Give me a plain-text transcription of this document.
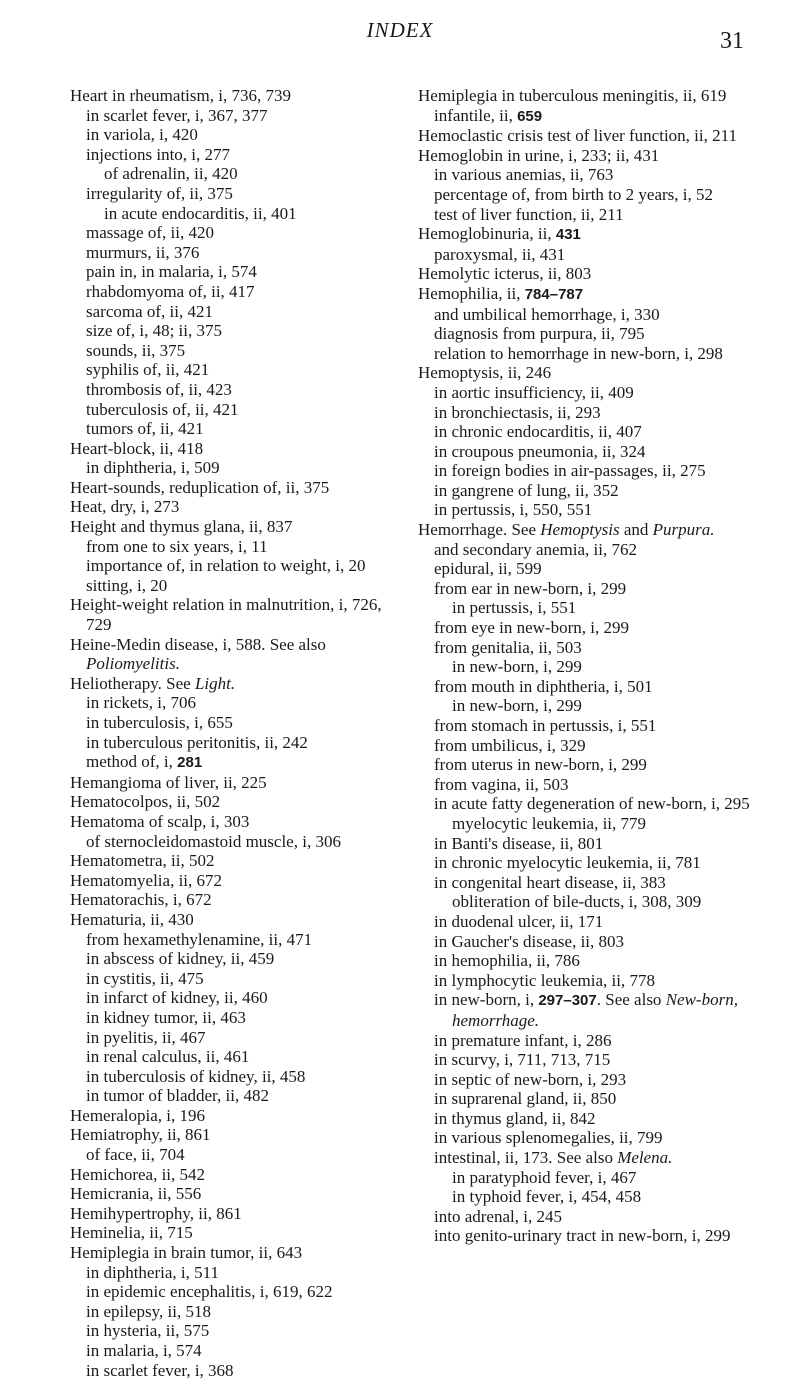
INDEX	31

Heart in rheumatism, i, 736, 739

in scarlet fever, i, 367, 377

in variola, i, 420

injections into, i, 277

of adrenalin, ii, 420

irregularity of, ii, 375

in acute endocarditis, ii, 401

massage of, ii, 420

murmurs, ii, 376

pain in, in malaria, i, 574

rhabdomyoma of, ii, 417

sarcoma of, ii, 421

size of, i, 48; ii, 375

sounds, ii, 375

syphilis of, ii, 421

thrombosis of, ii, 423

tuberculosis of, ii, 421

tumors of, ii, 421

Heart-block, ii, 418

in diphtheria, i, 509

Heart-sounds, reduplication of, ii, 375

Heat, dry, i, 273

Height and thymus glana, ii, 837

from one to six years, i, 11

importance of, in relation to weight, i, 20

sitting, i, 20

Height-weight relation in malnutrition, i, 726, 729

Heine-Medin disease, i, 588. See also Poliomyelitis.

Heliotherapy. See Light.

in rickets, i, 706

in tuberculosis, i, 655

in tuberculous peritonitis, ii, 242

method of, i, 281

Hemangioma of liver, ii, 225

Hematocolpos, ii, 502

Hematoma of scalp, i, 303

of sternocleidomastoid muscle, i, 306

Hematometra, ii, 502

Hematomyelia, ii, 672

Hematorachis, i, 672

Hematuria, ii, 430

from hexamethylenamine, ii, 471

in abscess of kidney, ii, 459

in cystitis, ii, 475

in infarct of kidney, ii, 460

in kidney tumor, ii, 463

in pyelitis, ii, 467

in renal calculus, ii, 461

in tuberculosis of kidney, ii, 458

in tumor of bladder, ii, 482

Hemeralopia, i, 196

Hemiatrophy, ii, 861

of face, ii, 704

Hemichorea, ii, 542

Hemicrania, ii, 556

Hemihypertrophy, ii, 861

Heminelia, ii, 715

Hemiplegia in brain tumor, ii, 643

in diphtheria, i, 511

in epidemic encephalitis, i, 619, 622

in epilepsy, ii, 518

in hysteria, ii, 575

in malaria, i, 574

in scarlet fever, i, 368

Hemiplegia in tuberculous meningitis, ii, 619

infantile, ii, 659

Hemoclastic crisis test of liver function, ii, 211

Hemoglobin in urine, i, 233; ii, 431

in various anemias, ii, 763

percentage of, from birth to 2 years, i, 52

test of liver function, ii, 211

Hemoglobinuria, ii, 431

paroxysmal, ii, 431

Hemolytic icterus, ii, 803

Hemophilia, ii, 784–787

and umbilical hemorrhage, i, 330

diagnosis from purpura, ii, 795

relation to hemorrhage in new-born, i, 298

Hemoptysis, ii, 246

in aortic insufficiency, ii, 409

in bronchiectasis, ii, 293

in chronic endocarditis, ii, 407

in croupous pneumonia, ii, 324

in foreign bodies in air-passages, ii, 275

in gangrene of lung, ii, 352

in pertussis, i, 550, 551

Hemorrhage. See Hemoptysis and Purpura.

and secondary anemia, ii, 762

epidural, ii, 599

from ear in new-born, i, 299

in pertussis, i, 551

from eye in new-born, i, 299

from genitalia, ii, 503

in new-born, i, 299

from mouth in diphtheria, i, 501

in new-born, i, 299

from stomach in pertussis, i, 551

from umbilicus, i, 329

from uterus in new-born, i, 299

from vagina, ii, 503

in acute fatty degeneration of new-born, i, 295

myelocytic leukemia, ii, 779

in Banti's disease, ii, 801

in chronic myelocytic leukemia, ii, 781

in congenital heart disease, ii, 383

obliteration of bile-ducts, i, 308, 309

in duodenal ulcer, ii, 171

in Gaucher's disease, ii, 803

in hemophilia, ii, 786

in lymphocytic leukemia, ii, 778

in new-born, i, 297–307. See also New-born, hemorrhage.

in premature infant, i, 286

in scurvy, i, 711, 713, 715

in septic of new-born, i, 293

in suprarenal gland, ii, 850

in thymus gland, ii, 842

in various splenomegalies, ii, 799

intestinal, ii, 173. See also Melena.

in paratyphoid fever, i, 467

in typhoid fever, i, 454, 458

into adrenal, i, 245

into genito-urinary tract in new-born, i, 299
